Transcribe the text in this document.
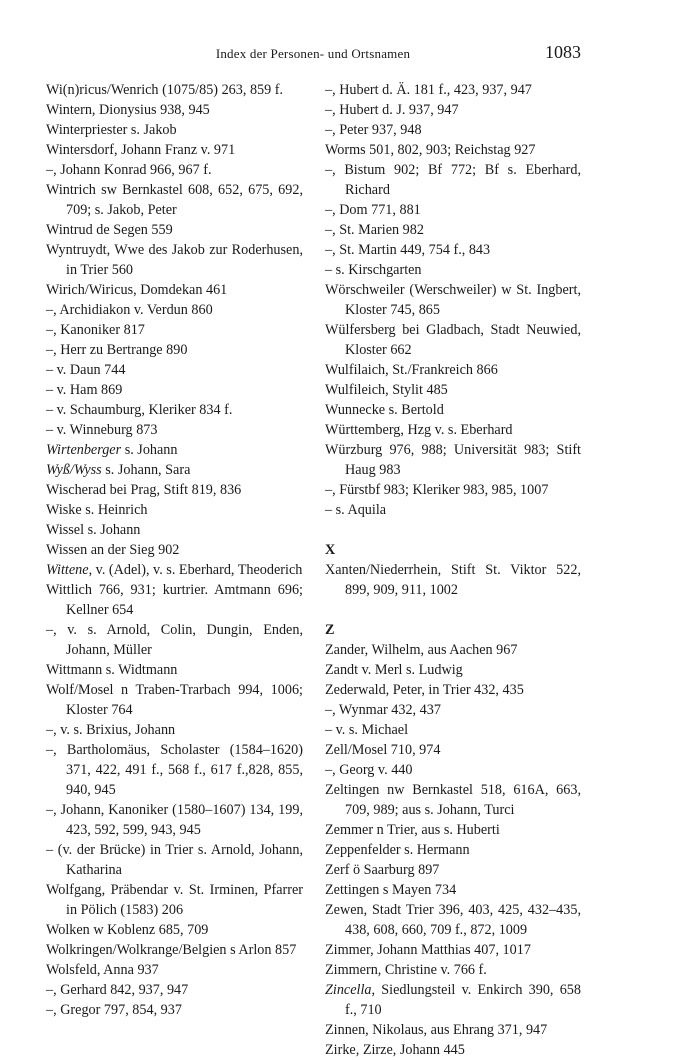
Index der Personen- und Ortsnamen	1083

Wi(n)ricus/Wenrich (1075/85) 263, 859 f.

Wintern, Dionysius 938, 945

Winterpriester s. Jakob

Wintersdorf, Johann Franz v. 971

–, Johann Konrad 966, 967 f.

Wintrich sw Bernkastel 608, 652, 675, 692, 709; s. Jakob, Peter

Wintrud de Segen 559

Wyntruydt, Wwe des Jakob zur Roderhusen, in Trier 560

Wirich/Wiricus, Domdekan 461

–, Archidiakon v. Verdun 860

–, Kanoniker 817

–, Herr zu Bertrange 890

– v. Daun 744

– v. Ham 869

– v. Schaumburg, Kleriker 834 f.

– v. Winneburg 873

Wirtenberger s. Johann

Wyß/Wyss s. Johann, Sara

Wischerad bei Prag, Stift 819, 836

Wiske s. Heinrich

Wissel s. Johann

Wissen an der Sieg 902

Wittene, v. (Adel), v. s. Eberhard, Theoderich

Wittlich 766, 931; kurtrier. Amtmann 696; Kellner 654

–, v. s. Arnold, Colin, Dungin, Enden, Johann, Müller

Wittmann s. Widtmann

Wolf/Mosel n Traben-Trarbach 994, 1006; Kloster 764

–, v. s. Brixius, Johann

–, Bartholomäus, Scholaster (1584–1620) 371, 422, 491 f., 568 f., 617 f.,828, 855, 940, 945

–, Johann, Kanoniker (1580–1607) 134, 199, 423, 592, 599, 943, 945

– (v. der Brücke) in Trier s. Arnold, Johann, Katharina

Wolfgang, Präbendar v. St. Irminen, Pfarrer in Pölich (1583) 206

Wolken w Koblenz 685, 709

Wolkringen/Wolkrange/Belgien s Arlon 857

Wolsfeld, Anna 937

–, Gerhard 842, 937, 947

–, Gregor 797, 854, 937

–, Hubert d. Ä. 181 f., 423, 937, 947

–, Hubert d. J. 937, 947

–, Peter 937, 948

Worms 501, 802, 903; Reichstag 927

–, Bistum 902; Bf 772; Bf s. Eberhard, Richard

–, Dom 771, 881

–, St. Marien 982

–, St. Martin 449, 754 f., 843

– s. Kirschgarten

Wörschweiler (Werschweiler) w St. Ingbert, Kloster 745, 865

Wülfersberg bei Gladbach, Stadt Neuwied, Kloster 662

Wulfilaich, St./Frankreich 866

Wulfileich, Stylit 485

Wunnecke s. Bertold

Württemberg, Hzg v. s. Eberhard

Würzburg 976, 988; Universität 983; Stift Haug 983

–, Fürstbf 983; Kleriker 983, 985, 1007

– s. Aquila

X

Xanten/Niederrhein, Stift St. Viktor 522, 899, 909, 911, 1002

Z

Zander, Wilhelm, aus Aachen 967

Zandt v. Merl s. Ludwig

Zederwald, Peter, in Trier 432, 435

–, Wynmar 432, 437

– v. s. Michael

Zell/Mosel 710, 974

–, Georg v. 440

Zeltingen nw Bernkastel 518, 616A, 663, 709, 989; aus s. Johann, Turci

Zemmer n Trier, aus s. Huberti

Zeppenfelder s. Hermann

Zerf ö Saarburg 897

Zettingen s Mayen 734

Zewen, Stadt Trier 396, 403, 425, 432–435, 438, 608, 660, 709 f., 872, 1009

Zimmer, Johann Matthias 407, 1017

Zimmern, Christine v. 766 f.

Zincella, Siedlungsteil v. Enkirch 390, 658 f., 710

Zinnen, Nikolaus, aus Ehrang 371, 947

Zirke, Zirze, Johann 445
